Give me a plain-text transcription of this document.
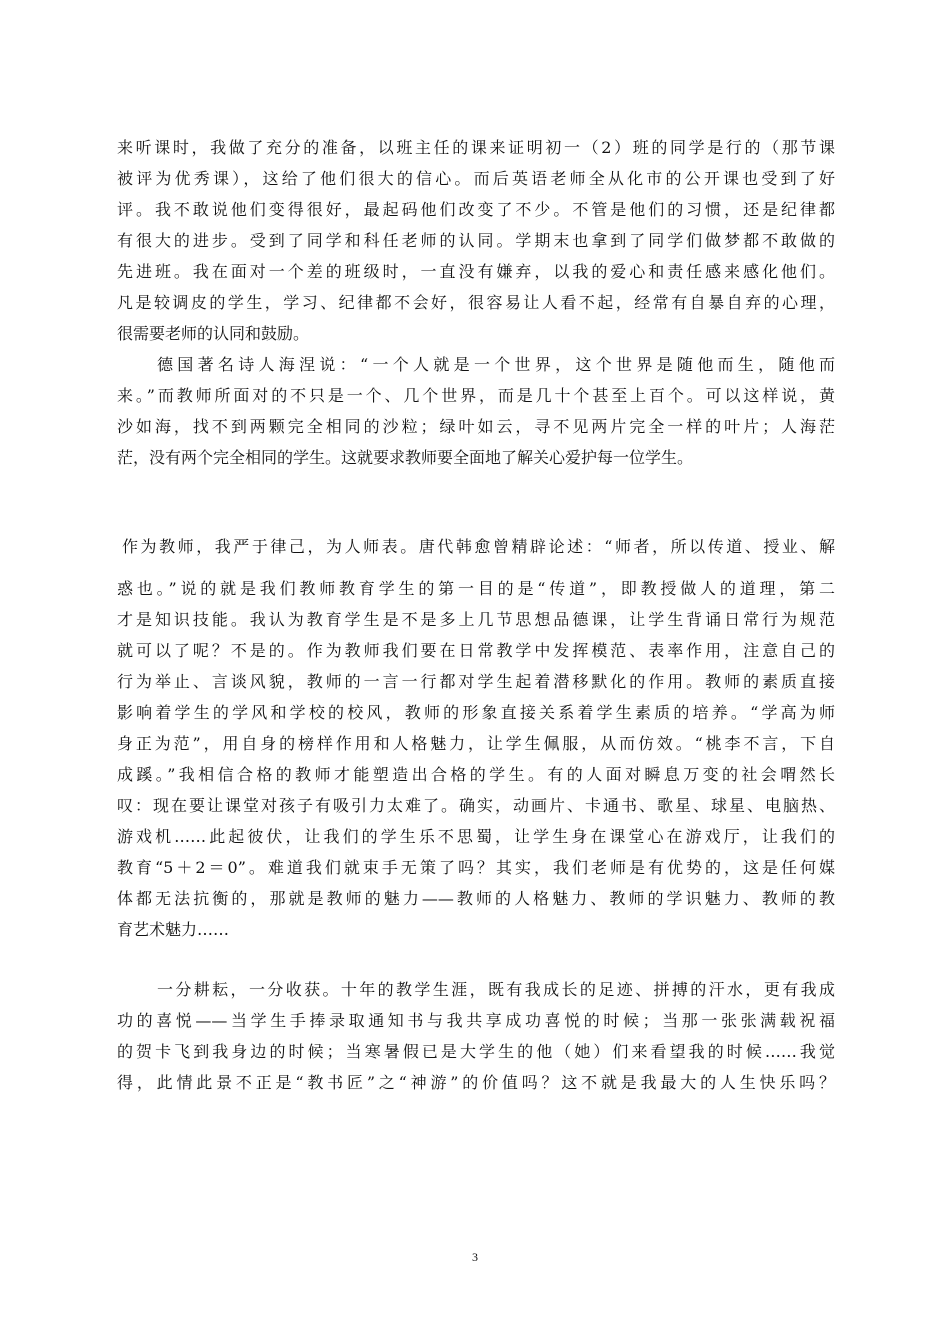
来听课时，我做了充分的准备，以班主任的课来证明初一（2）班的同学是行的（那节课
被评为优秀课），这给了他们很大的信心。而后英语老师全从化市的公开课也受到了好
评。我不敢说他们变得很好，最起码他们改变了不少。不管是他们的习惯，还是纪律都
有很大的进步。受到了同学和科任老师的认同。学期末也拿到了同学们做梦都不敢做的
先进班。我在面对一个差的班级时，一直没有嫌弃，以我的爱心和责任感来感化他们。
凡是较调皮的学生，学习、纪律都不会好，很容易让人看不起，经常有自暴自弃的心理，
很需要老师的认同和鼓励。
德国著名诗人海涅说：“一个人就是一个世界，这个世界是随他而生，随他而
来。”而教师所面对的不只是一个、几个世界，而是几十个甚至上百个。可以这样说，黄
沙如海，找不到两颗完全相同的沙粒；绿叶如云，寻不见两片完全一样的叶片；人海茫
茫，没有两个完全相同的学生。这就要求教师要全面地了解关心爱护每一位学生。
作为教师，我严于律己，为人师表。唐代韩愈曾精辟论述：“师者，所以传道、授业、解
惑也。”说的就是我们教师教育学生的第一目的是“传道”，即教授做人的道理，第二
才是知识技能。我认为教育学生是不是多上几节思想品德课，让学生背诵日常行为规范
就可以了呢？不是的。作为教师我们要在日常教学中发挥模范、表率作用，注意自己的
行为举止、言谈风貌，教师的一言一行都对学生起着潜移默化的作用。教师的素质直接
影响着学生的学风和学校的校风，教师的形象直接关系着学生素质的培养。“学高为师
身正为范”，用自身的榜样作用和人格魅力，让学生佩服，从而仿效。“桃李不言，下自
成蹊。”我相信合格的教师才能塑造出合格的学生。有的人面对瞬息万变的社会喟然长
叹：现在要让课堂对孩子有吸引力太难了。确实，动画片、卡通书、歌星、球星、电脑热、
游戏机……此起彼伏，让我们的学生乐不思蜀，让学生身在课堂心在游戏厅，让我们的
教育“5＋2＝0”。难道我们就束手无策了吗？其实，我们老师是有优势的，这是任何媒
体都无法抗衡的，那就是教师的魅力——教师的人格魅力、教师的学识魅力、教师的教
育艺术魅力……
一分耕耘，一分收获。十年的教学生涯，既有我成长的足迹、拼搏的汗水，更有我成
功的喜悦——当学生手捧录取通知书与我共享成功喜悦的时候；当那一张张满载祝福
的贺卡飞到我身边的时候；当寒暑假已是大学生的他（她）们来看望我的时候……我觉
得，此情此景不正是“教书匠”之“神游”的价值吗？这不就是我最大的人生快乐吗？
3
